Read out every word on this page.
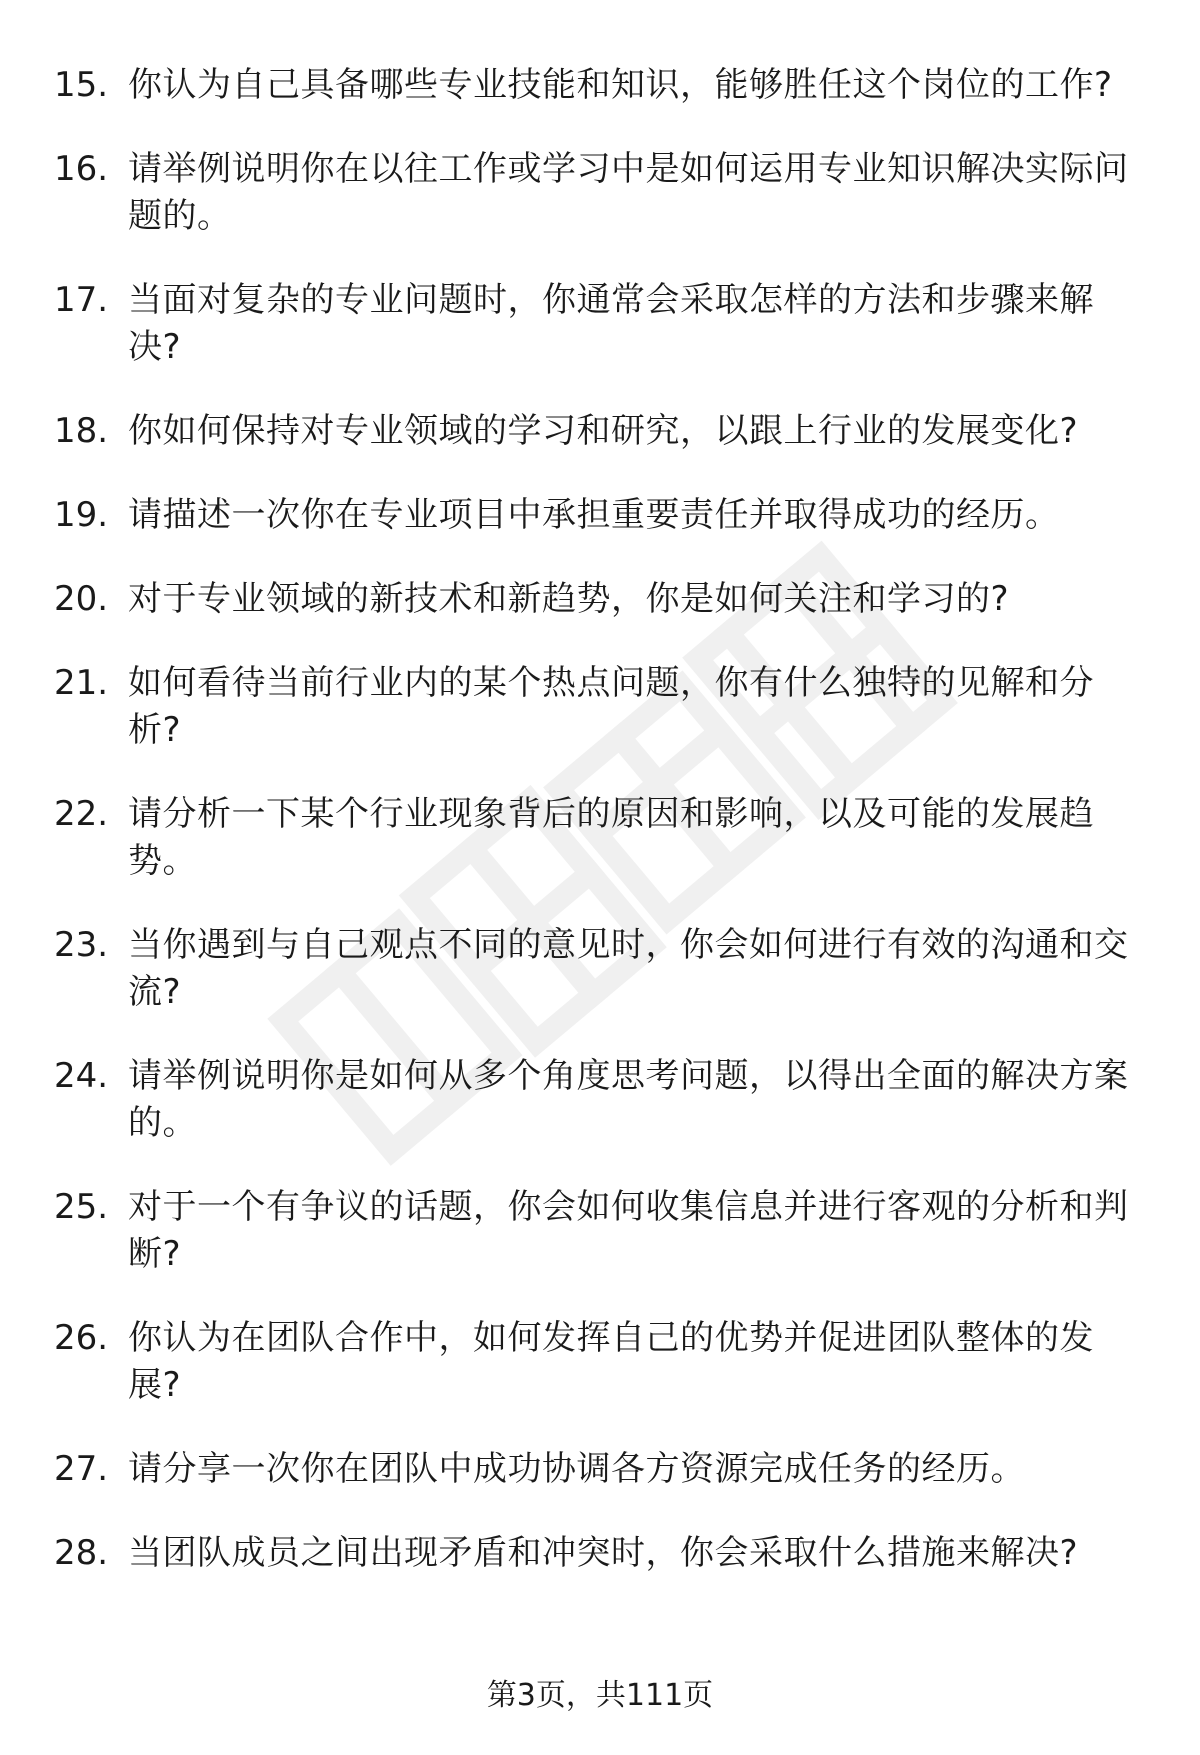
15. 你认为自己具备哪些专业技能和知识，能够胜任这个岗位的工作?
16. 请举例说明你在以往工作或学习中是如何运用专业知识解决实际问题的。
17. 当面对复杂的专业问题时，你通常会采取怎样的方法和步骤来解决?
18. 你如何保持对专业领域的学习和研究，以跟上行业的发展变化?
19. 请描述一次你在专业项目中承担重要责任并取得成功的经历。
20. 对于专业领域的新技术和新趋势，你是如何关注和学习的?
21. 如何看待当前行业内的某个热点问题，你有什么独特的见解和分析?
22. 请分析一下某个行业现象背后的原因和影响，以及可能的发展趋势。
23. 当你遇到与自己观点不同的意见时，你会如何进行有效的沟通和交流?
24. 请举例说明你是如何从多个角度思考问题，以得出全面的解决方案的。
25. 对于一个有争议的话题，你会如何收集信息并进行客观的分析和判断?
26. 你认为在团队合作中，如何发挥自己的优势并促进团队整体的发展?
27. 请分享一次你在团队中成功协调各方资源完成任务的经历。
28. 当团队成员之间出现矛盾和冲突时，你会采取什么措施来解决?
第3页，共111页
